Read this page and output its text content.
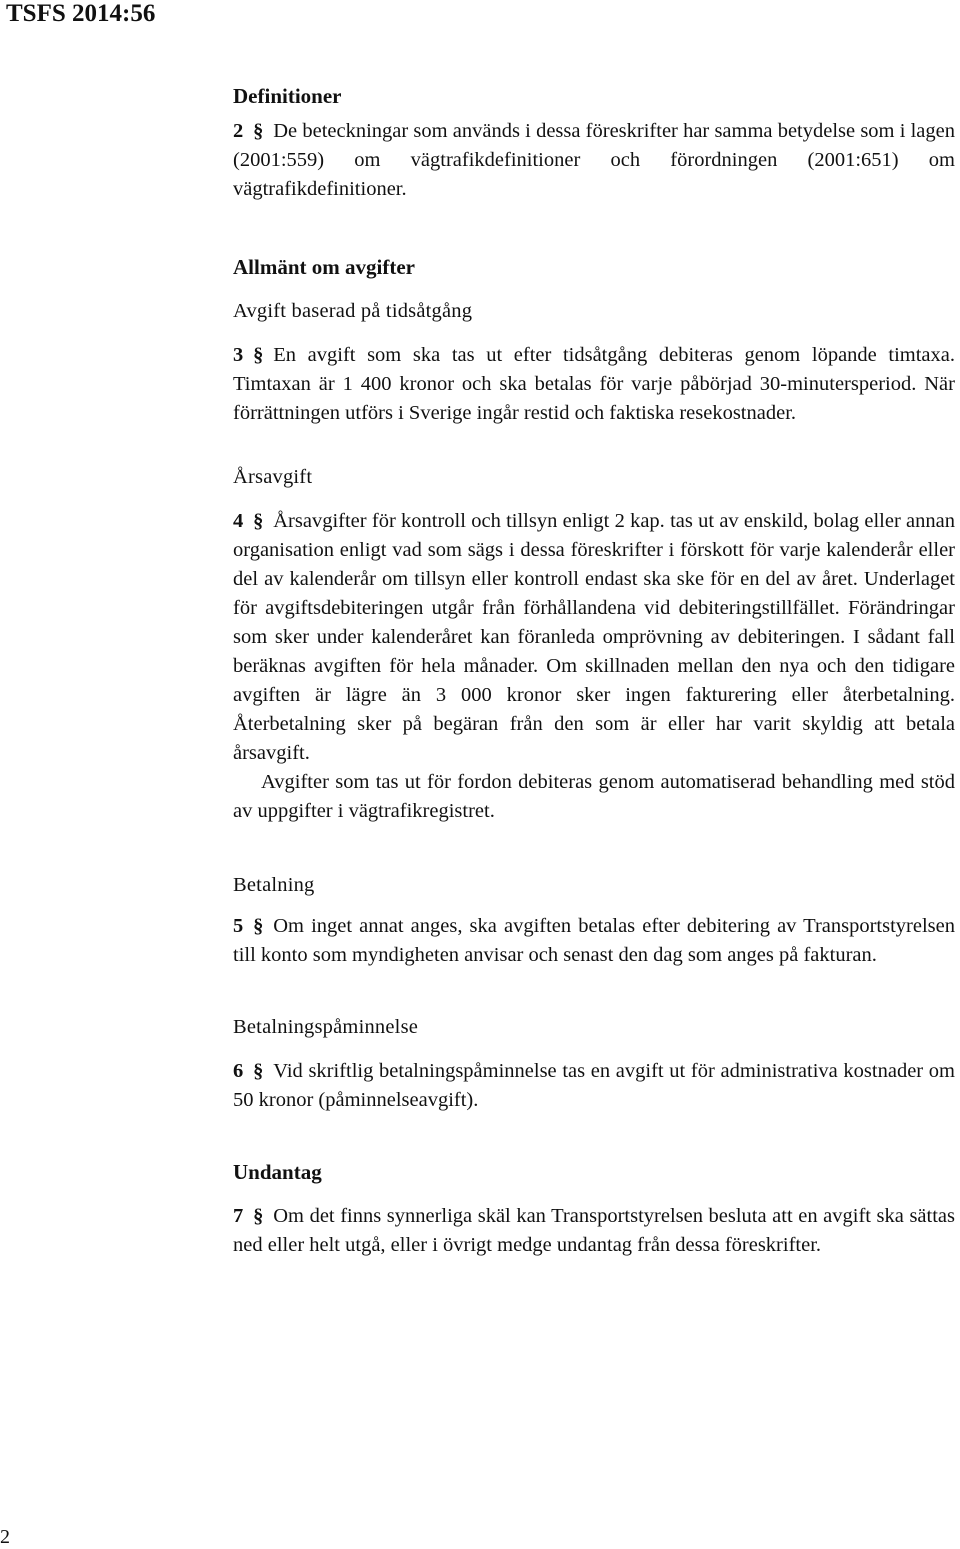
TSFS 2014:56
Definitioner

2 § De beteckningar som används i dessa föreskrifter har samma betydelse som i lagen (2001:559) om vägtrafikdefinitioner och förordningen (2001:651) om vägtrafikdefinitioner.

Allmänt om avgifter
Avgift baserad på tidsåtgång

3 § En avgift som ska tas ut efter tidsåtgång debiteras genom löpande timtaxa. Timtaxan är 1 400 kronor och ska betalas för varje påbörjad 30-minutersperiod. När förrättningen utförs i Sverige ingår restid och faktiska resekostnader.

Årsavgift

4 § Årsavgifter för kontroll och tillsyn enligt 2 kap. tas ut av enskild, bolag eller annan organisation enligt vad som sägs i dessa föreskrifter i förskott för varje kalenderår eller del av kalenderår om tillsyn eller kontroll endast ska ske för en del av året. Underlaget för avgiftsdebiteringen utgår från förhållandena vid debiteringstillfället. Förändringar som sker under kalenderåret kan föranleda omprövning av debiteringen. I sådant fall beräknas avgiften för hela månader. Om skillnaden mellan den nya och den tidigare avgiften är lägre än 3 000 kronor sker ingen fakturering eller återbetalning. Återbetalning sker på begäran från den som är eller har varit skyldig att betala årsavgift.

Avgifter som tas ut för fordon debiteras genom automatiserad behandling med stöd av uppgifter i vägtrafikregistret.

Betalning

5 § Om inget annat anges, ska avgiften betalas efter debitering av Transportstyrelsen till konto som myndigheten anvisar och senast den dag som anges på fakturan.

Betalningspåminnelse

6 § Vid skriftlig betalningspåminnelse tas en avgift ut för administrativa kostnader om 50 kronor (påminnelseavgift).

Undantag

7 § Om det finns synnerliga skäl kan Transportstyrelsen besluta att en avgift ska sättas ned eller helt utgå, eller i övrigt medge undantag från dessa föreskrifter.

2
